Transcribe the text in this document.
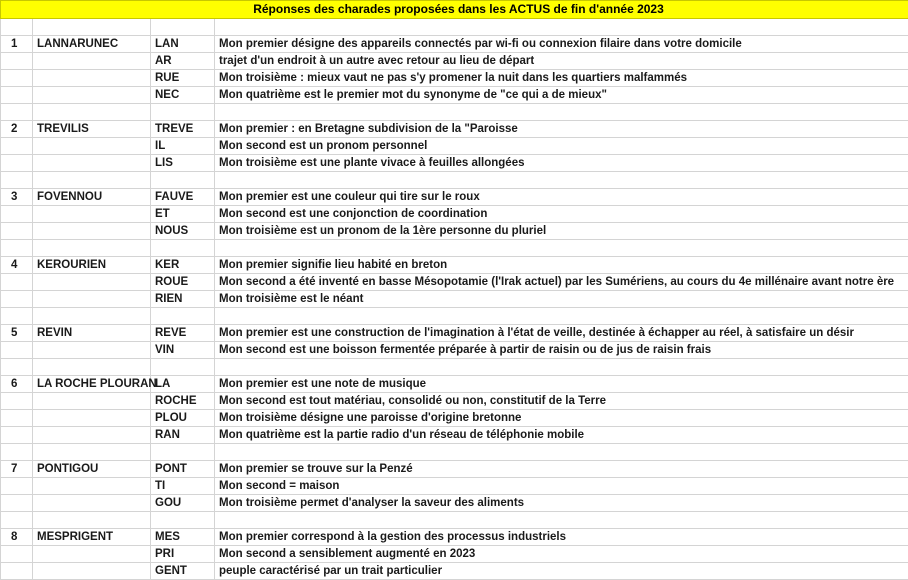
Réponses des charades proposées dans les ACTUS de fin d'année 2023			

1	LANNARUNEC	LAN	Mon premier désigne des appareils connectés par wi-fi ou connexion filaire dans votre domicile
		AR	trajet d'un endroit à un autre avec retour au lieu de départ
		RUE	Mon troisième : mieux vaut ne pas s'y promener la nuit dans les quartiers malfammés
		NEC	Mon quatrième est le premier mot du synonyme de "ce qui a de mieux"

2	TREVILIS	TREVE	Mon premier : en Bretagne subdivision de la "Paroisse
		IL	Mon second est un pronom personnel
		LIS	Mon troisième est une plante vivace à feuilles allongées

3	FOVENNOU	FAUVE	Mon premier est une couleur qui tire sur le roux
		ET	Mon second est une conjonction de coordination
		NOUS	Mon troisième est un pronom de la 1ère personne du pluriel

4	KEROURIEN	KER	Mon premier signifie lieu habité en breton
		ROUE	Mon second a été inventé en basse Mésopotamie (l'Irak actuel) par les Sumériens, au cours du 4e millénaire avant notre ère
		RIEN	Mon troisième est le néant

5	REVIN	REVE	Mon premier est une construction de l'imagination à l'état de veille, destinée à échapper au réel, à satisfaire un désir
		VIN	Mon second est une boisson fermentée préparée à partir de raisin ou de jus de raisin frais

6	LA ROCHE PLOURAN	LA	Mon premier est une note de musique
		ROCHE	Mon second est tout matériau, consolidé ou non, constitutif de la Terre
		PLOU	Mon troisième désigne une paroisse d'origine bretonne
		RAN	Mon quatrième est la partie radio d'un réseau de téléphonie mobile

7	PONTIGOU	PONT	Mon premier se trouve sur la Penzé
		TI	Mon second = maison
		GOU	Mon troisième permet d'analyser la saveur des aliments

8	MESPRIGENT	MES	Mon premier correspond à la gestion des processus industriels
		PRI	Mon second a sensiblement augmenté en 2023
		GENT	peuple caractérisé par un trait particulier
